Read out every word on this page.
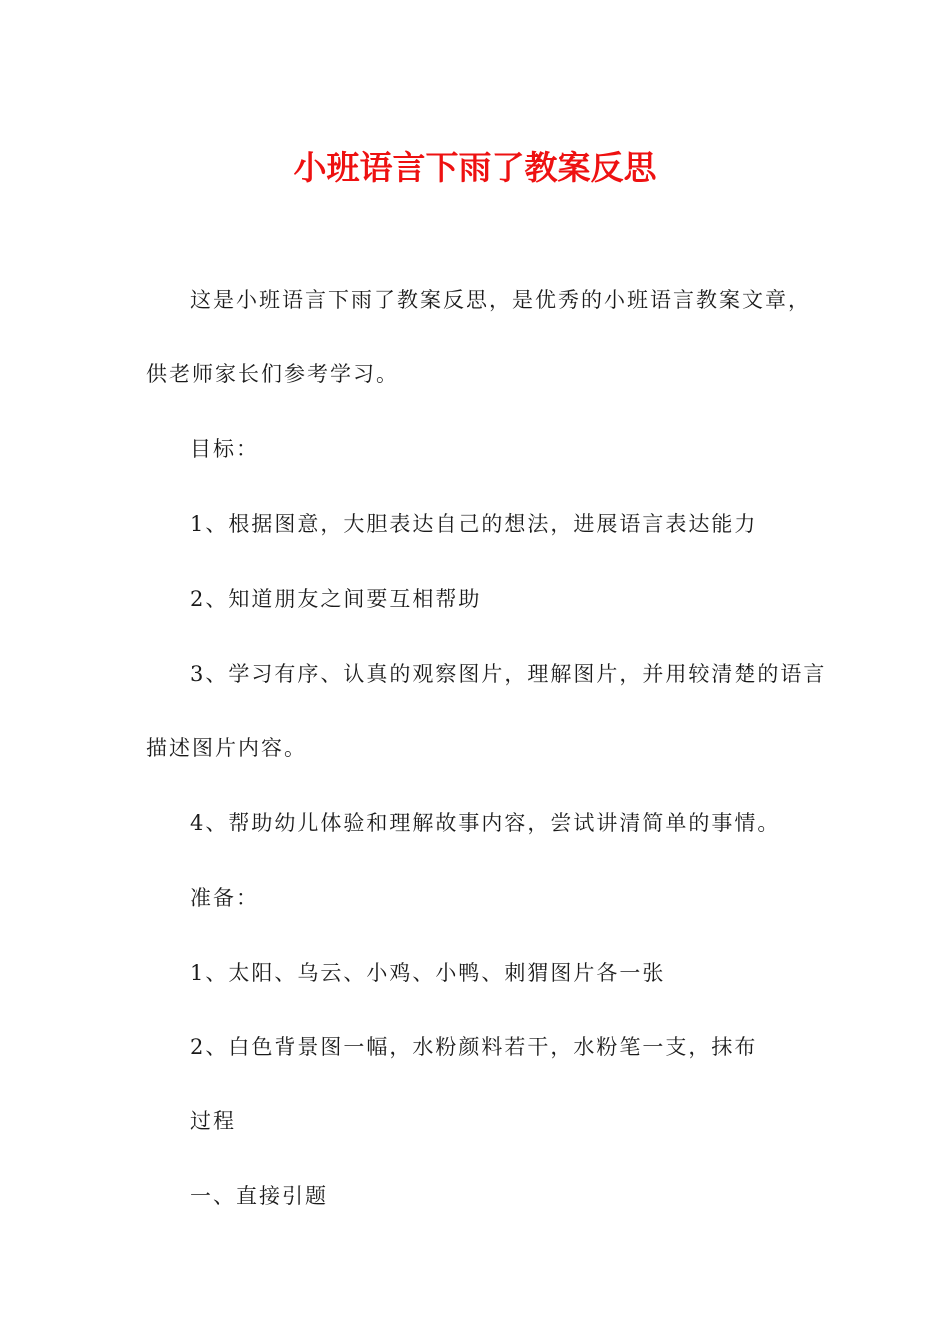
小班语言下雨了教案反思
这是小班语言下雨了教案反思，是优秀的小班语言教案文章，
供老师家长们参考学习。
目标：
1、根据图意，大胆表达自己的想法，进展语言表达能力
2、知道朋友之间要互相帮助
3、学习有序、认真的观察图片，理解图片，并用较清楚的语言
描述图片内容。
4、帮助幼儿体验和理解故事内容，尝试讲清简单的事情。
准备：
1、太阳、乌云、小鸡、小鸭、刺猬图片各一张
2、白色背景图一幅，水粉颜料若干，水粉笔一支，抹布
过程
一、直接引题
